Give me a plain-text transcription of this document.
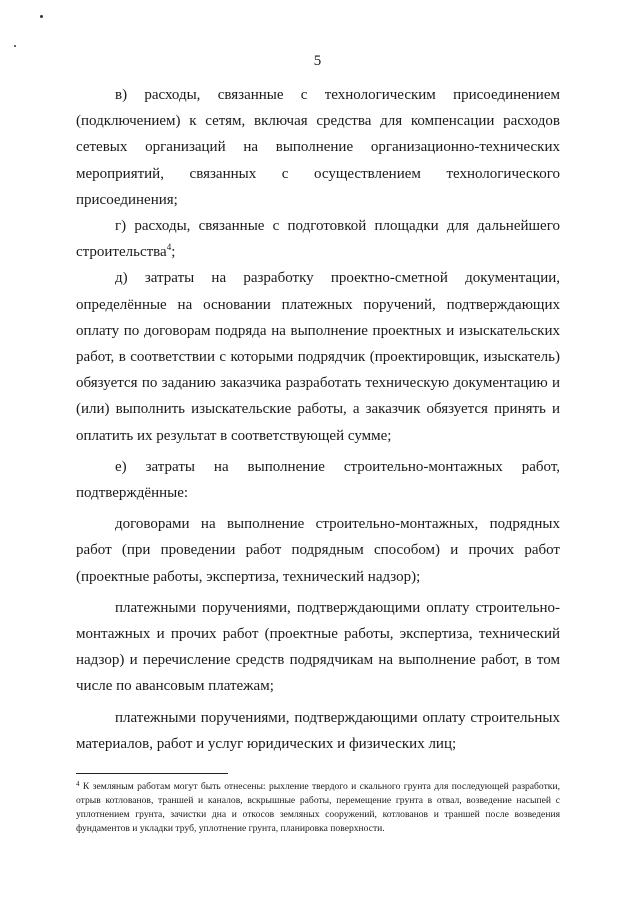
5

в) расходы, связанные с технологическим присоединением (подключением) к сетям, включая средства для компенсации расходов сетевых организаций на выполнение организационно-технических мероприятий, связанных с осуществлением технологического присоединения;

г) расходы, связанные с подготовкой площадки для дальнейшего строительства$^4$;

д) затраты на разработку проектно-сметной документации, определённые на основании платежных поручений, подтверждающих оплату по договорам подряда на выполнение проектных и изыскательских работ, в соответствии с которыми подрядчик (проектировщик, изыскатель) обязуется по заданию заказчика разработать техническую документацию и (или) выполнить изыскательские работы, а заказчик обязуется принять и оплатить их результат в соответствующей сумме;

е) затраты на выполнение строительно-монтажных работ, подтверждённые:

договорами на выполнение строительно-монтажных, подрядных работ (при проведении работ подрядным способом) и прочих работ (проектные работы, экспертиза, технический надзор);

платежными поручениями, подтверждающими оплату строительно-монтажных и прочих работ (проектные работы, экспертиза, технический надзор) и перечисление средств подрядчикам на выполнение работ, в том числе по авансовым платежам;

платежными поручениями, подтверждающими оплату строительных материалов, работ и услуг юридических и физических лиц;

$^4$ К земляным работам могут быть отнесены: рыхление твердого и скального грунта для последующей разработки, отрыв котлованов, траншей и каналов, вскрышные работы, перемещение грунта в отвал, возведение насыпей с уплотнением грунта, зачистки дна и откосов земляных сооружений, котлованов и траншей после возведения фундаментов и укладки труб, уплотнение грунта, планировка поверхности.
